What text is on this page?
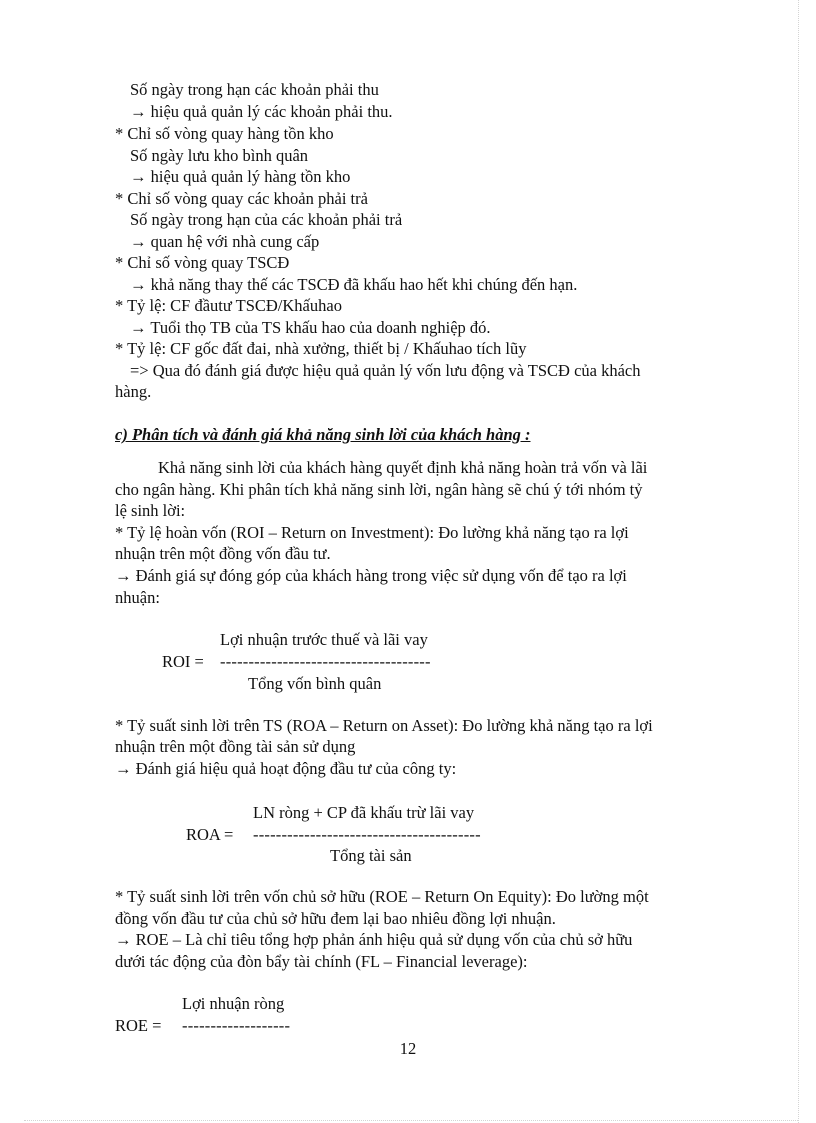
Số ngày trong hạn các khoản phải thu
→ hiệu quả quản lý các khoản phải thu.
* Chỉ số vòng quay hàng tồn kho
Số ngày lưu kho bình quân
→ hiệu quả quản lý hàng tồn kho
* Chỉ số vòng quay các khoản phải trả
Số ngày trong hạn của các khoản phải trả
→ quan hệ với nhà cung cấp
* Chỉ số vòng quay TSCĐ
→ khả năng thay thế các TSCĐ đã khấu hao hết khi chúng đến hạn.
* Tỷ lệ: CF đầutư TSCĐ/Khấuhao
→ Tuổi thọ TB của TS khấu hao của doanh nghiệp đó.
* Tỷ lệ: CF gốc đất đai, nhà xưởng, thiết bị / Khấuhao tích lũy
=> Qua đó đánh giá được hiệu quả quản lý vốn lưu động và TSCĐ của khách
hàng.
c) Phân tích và đánh giá khả năng sinh lời của khách hàng :
Khả năng sinh lời của khách hàng quyết định khả năng hoàn trả vốn và lãi
cho ngân hàng. Khi phân tích khả năng sinh lời, ngân hàng sẽ chú ý tới nhóm tỷ
lệ sinh lời:
* Tỷ lệ hoàn vốn (ROI – Return on Investment): Đo lường khả năng tạo ra lợi
nhuận trên một đồng vốn đầu tư.
→ Đánh giá sự đóng góp của khách hàng trong việc sử dụng vốn để tạo ra lợi
nhuận:
Lợi nhuận trước thuế và lãi vay
ROI = -------------------------------------
Tổng vốn bình quân
* Tỷ suất sinh lời trên TS (ROA – Return on Asset): Đo lường khả năng tạo ra lợi
nhuận trên một đồng tài sản sử dụng
→ Đánh giá hiệu quả hoạt động đầu tư của công ty:
LN ròng + CP đã khấu trừ lãi vay
ROA = ----------------------------------------
Tổng tài sản
* Tỷ suất sinh lời trên vốn chủ sở hữu (ROE – Return On Equity): Đo lường một
đồng vốn đầu tư của chủ sở hữu đem lại bao nhiêu đồng lợi nhuận.
→ ROE – Là chỉ tiêu tổng hợp phản ánh hiệu quả sử dụng vốn của chủ sở hữu
dưới tác động của đòn bẩy tài chính (FL – Financial leverage):
Lợi nhuận ròng
ROE = -------------------
12
